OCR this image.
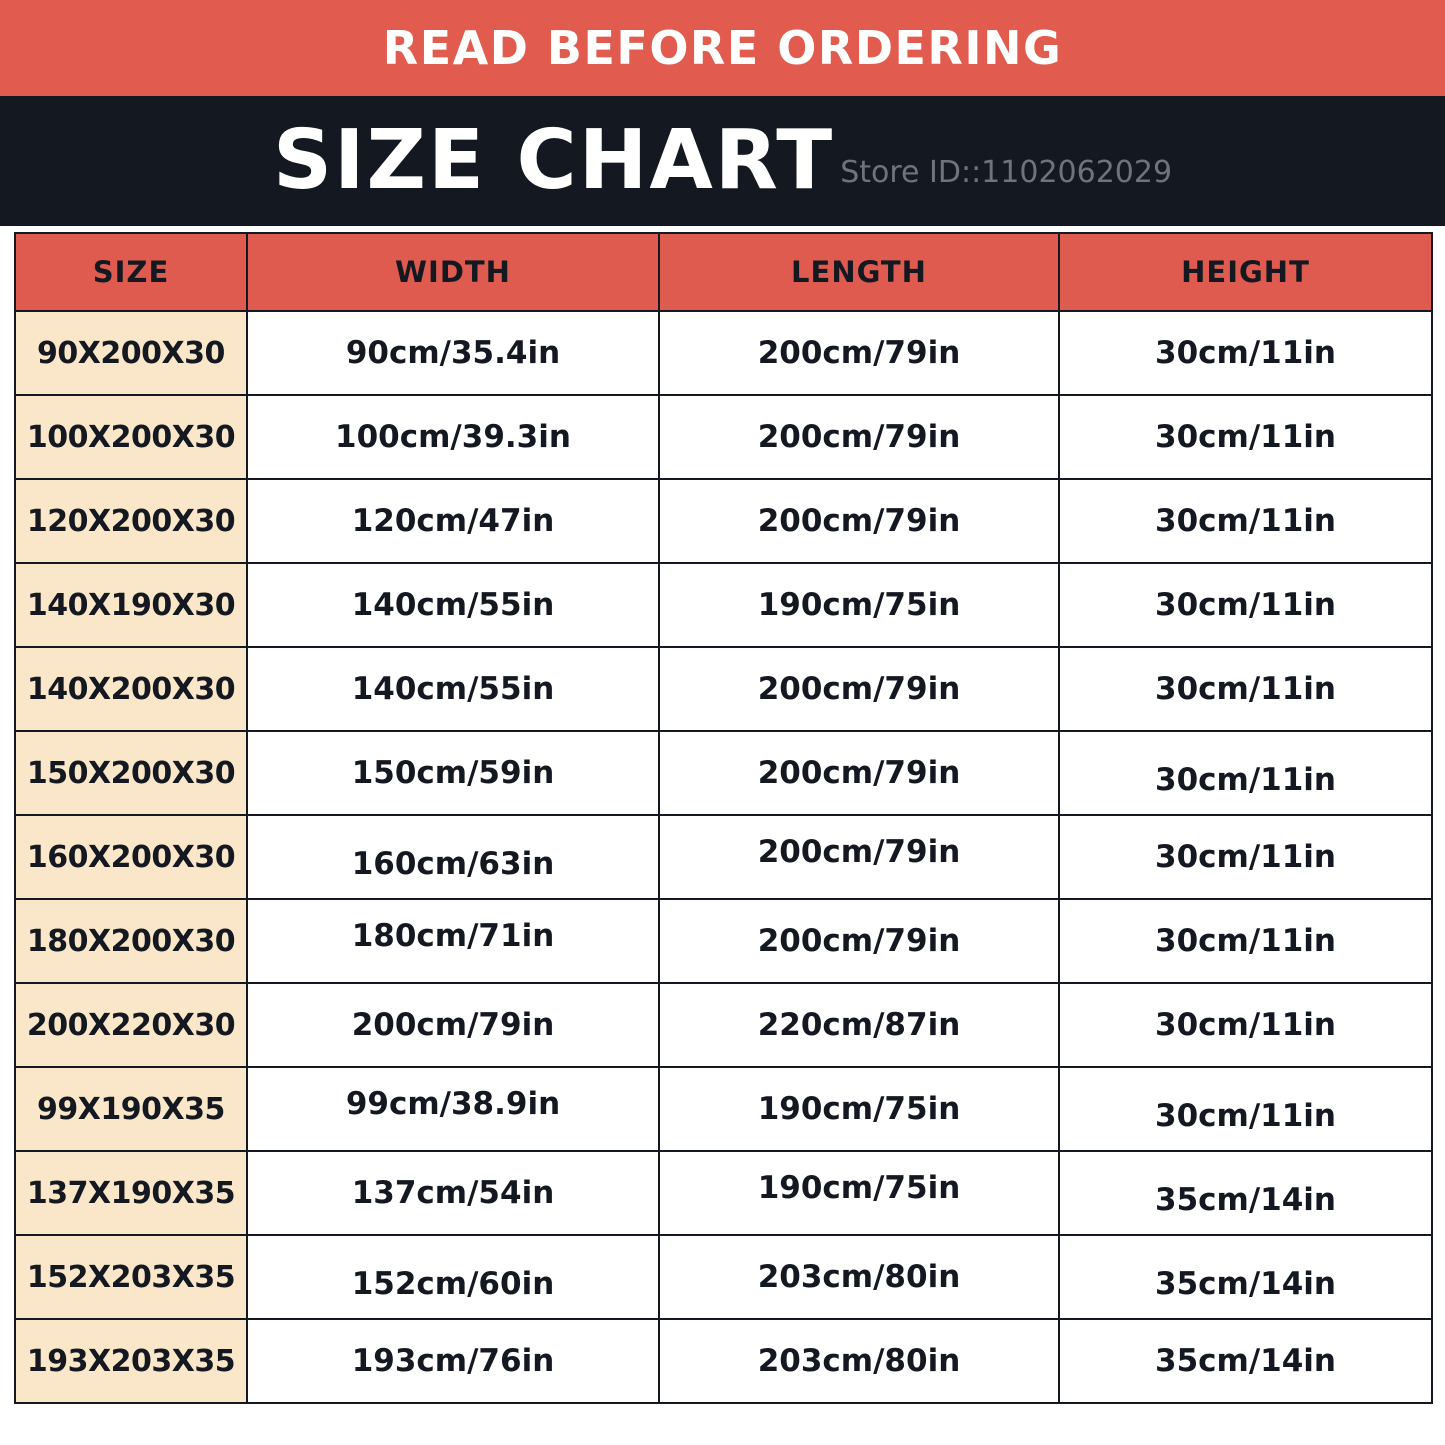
READ BEFORE ORDERING
SIZE CHART Store ID::1102062029
SIZE	WIDTH	LENGTH	HEIGHT
90X200X30	90cm/35.4in	200cm/79in	30cm/11in
100X200X30	100cm/39.3in	200cm/79in	30cm/11in
120X200X30	120cm/47in	200cm/79in	30cm/11in
140X190X30	140cm/55in	190cm/75in	30cm/11in
140X200X30	140cm/55in	200cm/79in	30cm/11in
150X200X30	150cm/59in	200cm/79in	30cm/11in
160X200X30	160cm/63in	200cm/79in	30cm/11in
180X200X30	180cm/71in	200cm/79in	30cm/11in
200X220X30	200cm/79in	220cm/87in	30cm/11in
99X190X35	99cm/38.9in	190cm/75in	30cm/11in
137X190X35	137cm/54in	190cm/75in	35cm/14in
152X203X35	152cm/60in	203cm/80in	35cm/14in
193X203X35	193cm/76in	203cm/80in	35cm/14in
